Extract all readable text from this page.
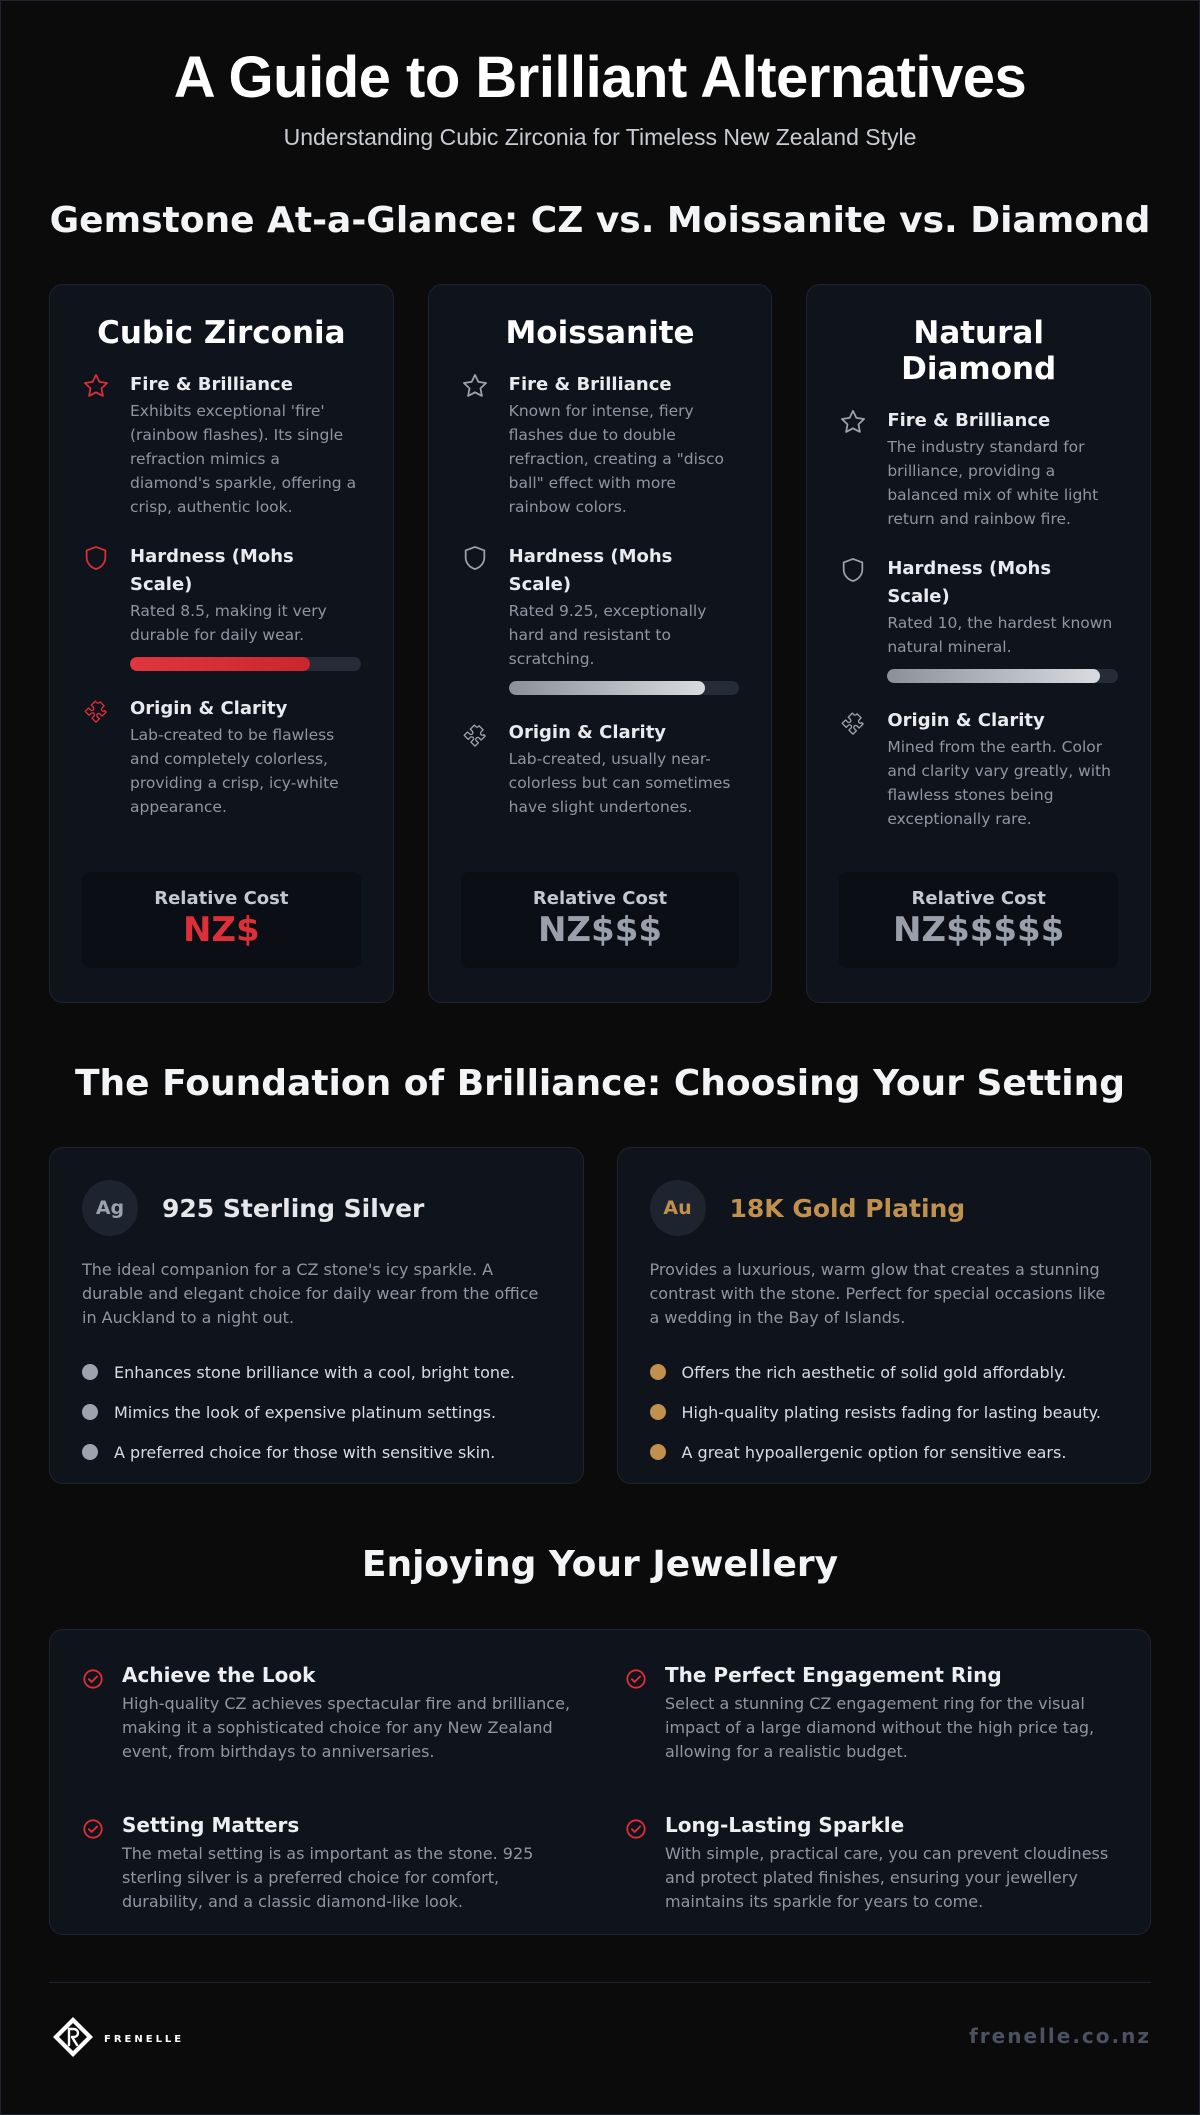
A Guide to Brilliant Alternatives
Understanding Cubic Zirconia for Timeless New Zealand Style
Gemstone At-a-Glance: CZ vs. Moissanite vs. Diamond
Cubic Zirconia
Fire & Brilliance
Exhibits exceptional 'fire' (rainbow flashes). Its single refraction mimics a diamond's sparkle, offering a crisp, authentic look.
Hardness (Mohs Scale)
Rated 8.5, making it very durable for daily wear.
Origin & Clarity
Lab-created to be flawless and completely colorless, providing a crisp, icy-white appearance.
Relative Cost
NZ$
Moissanite
Fire & Brilliance
Known for intense, fiery flashes due to double refraction, creating a "disco ball" effect with more rainbow colors.
Hardness (Mohs Scale)
Rated 9.25, exceptionally hard and resistant to scratching.
Origin & Clarity
Lab-created, usually near-colorless but can sometimes have slight undertones.
Relative Cost
NZ$$$
Natural Diamond
Fire & Brilliance
The industry standard for brilliance, providing a balanced mix of white light return and rainbow fire.
Hardness (Mohs Scale)
Rated 10, the hardest known natural mineral.
Origin & Clarity
Mined from the earth. Color and clarity vary greatly, with flawless stones being exceptionally rare.
Relative Cost
NZ$$$$$
The Foundation of Brilliance: Choosing Your Setting
Ag	925 Sterling Silver
The ideal companion for a CZ stone's icy sparkle. A durable and elegant choice for daily wear from the office in Auckland to a night out.
Enhances stone brilliance with a cool, bright tone.
Mimics the look of expensive platinum settings.
A preferred choice for those with sensitive skin.
Au	18K Gold Plating
Provides a luxurious, warm glow that creates a stunning contrast with the stone. Perfect for special occasions like a wedding in the Bay of Islands.
Offers the rich aesthetic of solid gold affordably.
High-quality plating resists fading for lasting beauty.
A great hypoallergenic option for sensitive ears.
Enjoying Your Jewellery
Achieve the Look
High-quality CZ achieves spectacular fire and brilliance, making it a sophisticated choice for any New Zealand event, from birthdays to anniversaries.
The Perfect Engagement Ring
Select a stunning CZ engagement ring for the visual impact of a large diamond without the high price tag, allowing for a realistic budget.
Setting Matters
The metal setting is as important as the stone. 925 sterling silver is a preferred choice for comfort, durability, and a classic diamond-like look.
Long-Lasting Sparkle
With simple, practical care, you can prevent cloudiness and protect plated finishes, ensuring your jewellery maintains its sparkle for years to come.
FRENELLE	frenelle.co.nz
